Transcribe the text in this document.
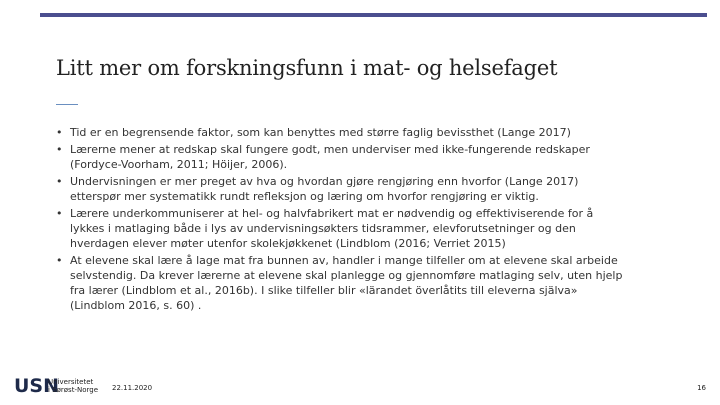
Litt mer om forskningsfunn i mat- og helsefaget
• Tid er en begrensende faktor, som kan benyttes med større faglig bevissthet (Lange 2017)
• Lærerne mener at redskap skal fungere godt, men underviser med ikke-fungerende redskaper
(Fordyce-Voorham, 2011; Höijer, 2006).
• Undervisningen er mer preget av hva og hvordan gjøre rengjøring enn hvorfor (Lange 2017)
etterspør mer systematikk rundt refleksjon og læring om hvorfor rengjøring er viktig.
• Lærere underkommuniserer at hel- og halvfabrikert mat er nødvendig og effektiviserende for å
lykkes i matlaging både i lys av undervisningsøkters tidsrammer, elevforutsetninger og den
hverdagen elever møter utenfor skolekjøkkenet (Lindblom (2016; Verriet 2015)
• At elevene skal lære å lage mat fra bunnen av, handler i mange tilfeller om at elevene skal arbeide
selvstendig. Da krever lærerne at elevene skal planlegge og gjennomføre matlaging selv, uten hjelp
fra lærer (Lindblom et al., 2016b). I slike tilfeller blir «lärandet överlåtits till eleverna själva»
(Lindblom 2016, s. 60) .
USN
Universitetet
i Sørøst-Norge 22.11.2020	16
